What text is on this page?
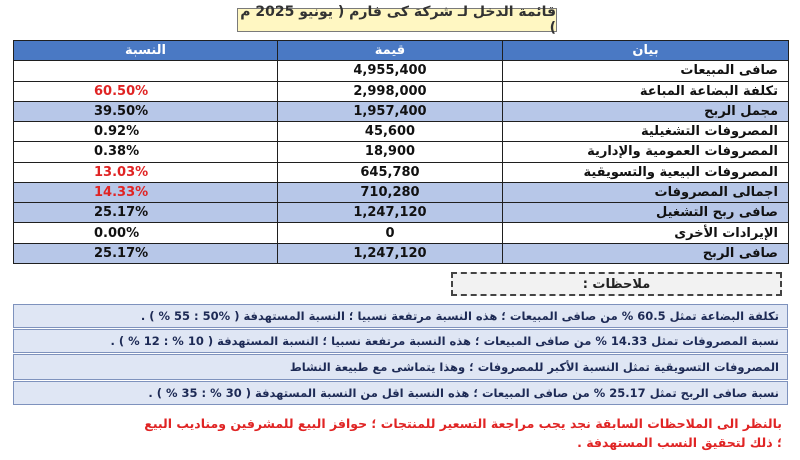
قائمة الدخل لـ شركة كى فارم ( يونيو 2025 م )
بيان	قيمة	النسبة
صافى المبيعات	4,955,400	
تكلفة البضاعة المباعة	2,998,000	60.50%
مجمل الربح	1,957,400	39.50%
المصروفات التشغيلية	45,600	0.92%
المصروفات العمومية والإدارية	18,900	0.38%
المصروفات البيعية والتسويقية	645,780	13.03%
اجمالى المصروفات	710,280	14.33%
صافى ربح التشغيل	1,247,120	25.17%
الإيرادات الأخرى	0	0.00%
صافى الربح	1,247,120	25.17%
ملاحظات :
تكلفة البضاعة تمثل 60.5 % من صافى المبيعات ؛ هذه النسبة مرتفعة نسبيا ؛ النسبة المستهدفة ( %50 : 55 % ) .
نسبة المصروفات تمثل 14.33 % من صافى المبيعات ؛ هذه النسبة مرتفعة نسبيا ؛ النسبة المستهدفة ( 10 % : 12 % ) .
المصروفات التسويقية تمثل النسبة الأكبر للمصروفات ؛ وهذا يتماشى مع طبيعة النشاط
نسبة صافى الربح تمثل 25.17 % من صافى المبيعات ؛ هذه النسبة اقل من النسبة المستهدفة ( 30 % : 35 % ) .
بالنظر الى الملاحظات السابقة نجد يجب مراجعة التسعير للمنتجات ؛ حوافز البيع للمشرفين ومناديب البيع
؛ ذلك لتحقيق النسب المستهدفة .
